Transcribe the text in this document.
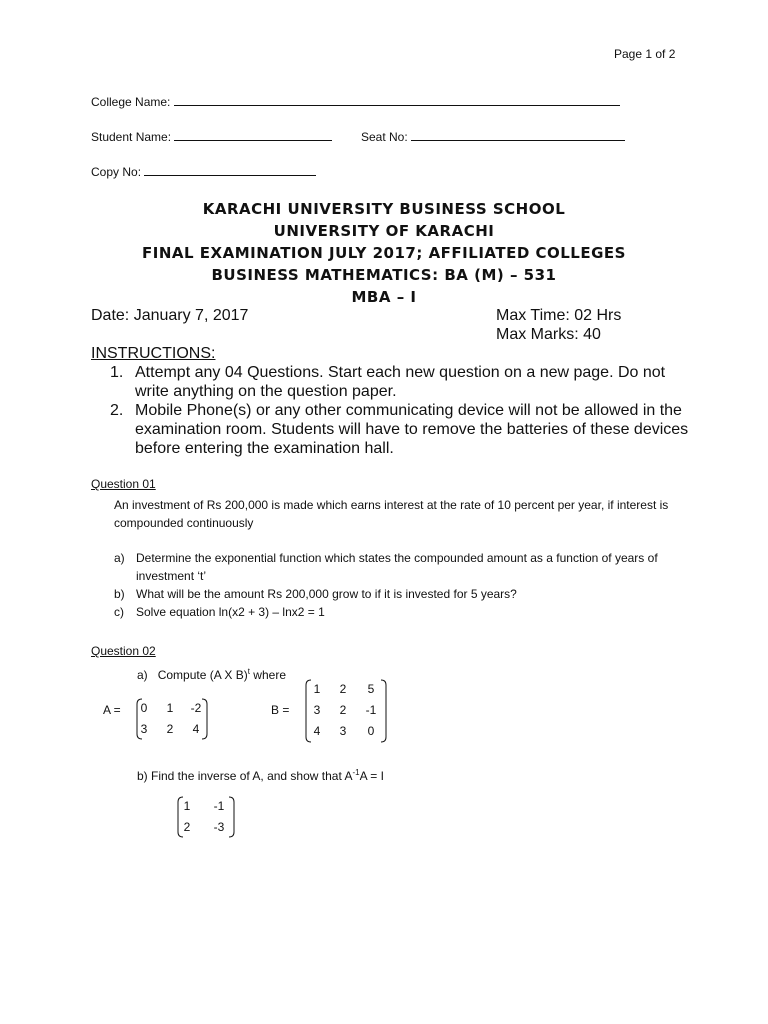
Page 1 of 2
College Name:
Student Name:	Seat No:
Copy No:
KARACHI UNIVERSITY BUSINESS SCHOOL
UNIVERSITY OF KARACHI
FINAL EXAMINATION JULY 2017; AFFILIATED COLLEGES
BUSINESS MATHEMATICS: BA (M) – 531
MBA – I
Date: January 7, 2017	Max Time: 02 Hrs
Max Marks: 40
INSTRUCTIONS:
1. Attempt any 04 Questions. Start each new question on a new page. Do not write anything on the question paper.
2. Mobile Phone(s) or any other communicating device will not be allowed in the examination room. Students will have to remove the batteries of these devices before entering the examination hall.
Question 01
An investment of Rs 200,000 is made which earns interest at the rate of 10 percent per year, if interest is compounded continuously
a) Determine the exponential function which states the compounded amount as a function of years of investment ‘t’
b) What will be the amount Rs 200,000 grow to if it is invested for 5 years?
c) Solve equation ln(x2 + 3) – lnx2 = 1
Question 02
a) Compute (A X B)$^t$ where
A =	0	1	-2
3	2	4
B =
1	2	5
3	2	-1
4	3	0
b) Find the inverse of A, and show that $A^{-1}A = I$
1	-1
2	-3
